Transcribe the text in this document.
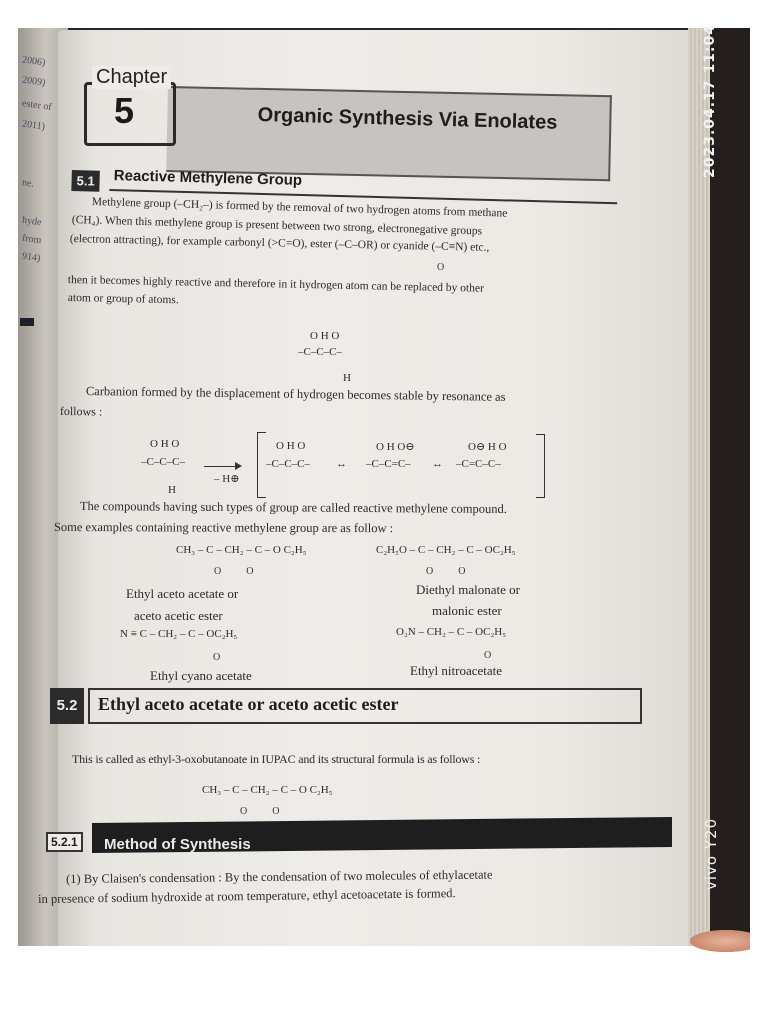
2006)
2009)
ester of
2011)
ne.
hyde
from
914)
2023.04.17 11:04
vivo Y20
Chapter
5	Organic Synthesis Via Enolates
5.1	Reactive Methylene Group
Methylene group (–CH₂–) is formed by the removal of two hydrogen atoms from methane
(CH₄). When this methylene group is present between two strong, electronegative groups
(electron attracting), for example carbonyl (>C=O), ester (–C–OR) or cyanide (–C≡N) etc.,
O
then it becomes highly reactive and therefore in it hydrogen atom can be replaced by other
atom or group of atoms.
O H O
–C–C–C–
H
Carbanion formed by the displacement of hydrogen becomes stable by resonance as
follows :
O H O
–C–C–C–
H
– H⊕
O H O
–C–C–C– ↔
O H O⊖
–C–C=C– ↔
O⊖ H O
–C=C–C–
The compounds having such types of group are called reactive methylene compound.
Some examples containing reactive methylene group are as follow :
CH₃ – C – CH₂ – C – O C₂H₅
O          O
Ethyl aceto acetate or
aceto acetic ester
C₂H₅O – C – CH₂ – C – OC₂H₅
O          O
Diethyl malonate or
malonic ester
N ≡ C – CH₂ – C – OC₂H₅
O
Ethyl cyano acetate
O₂N – CH₂ – C – OC₂H₅
O
Ethyl nitroacetate
5.2	Ethyl aceto acetate or aceto acetic ester
This is called as ethyl-3-oxobutanoate in IUPAC and its structural formula is as follows :
CH₃ – C – CH₂ – C – O C₂H₅
O          O
5.2.1	Method of Synthesis
(1) By Claisen's condensation : By the condensation of two molecules of ethylacetate
in presence of sodium hydroxide at room temperature, ethyl acetoacetate is formed.
